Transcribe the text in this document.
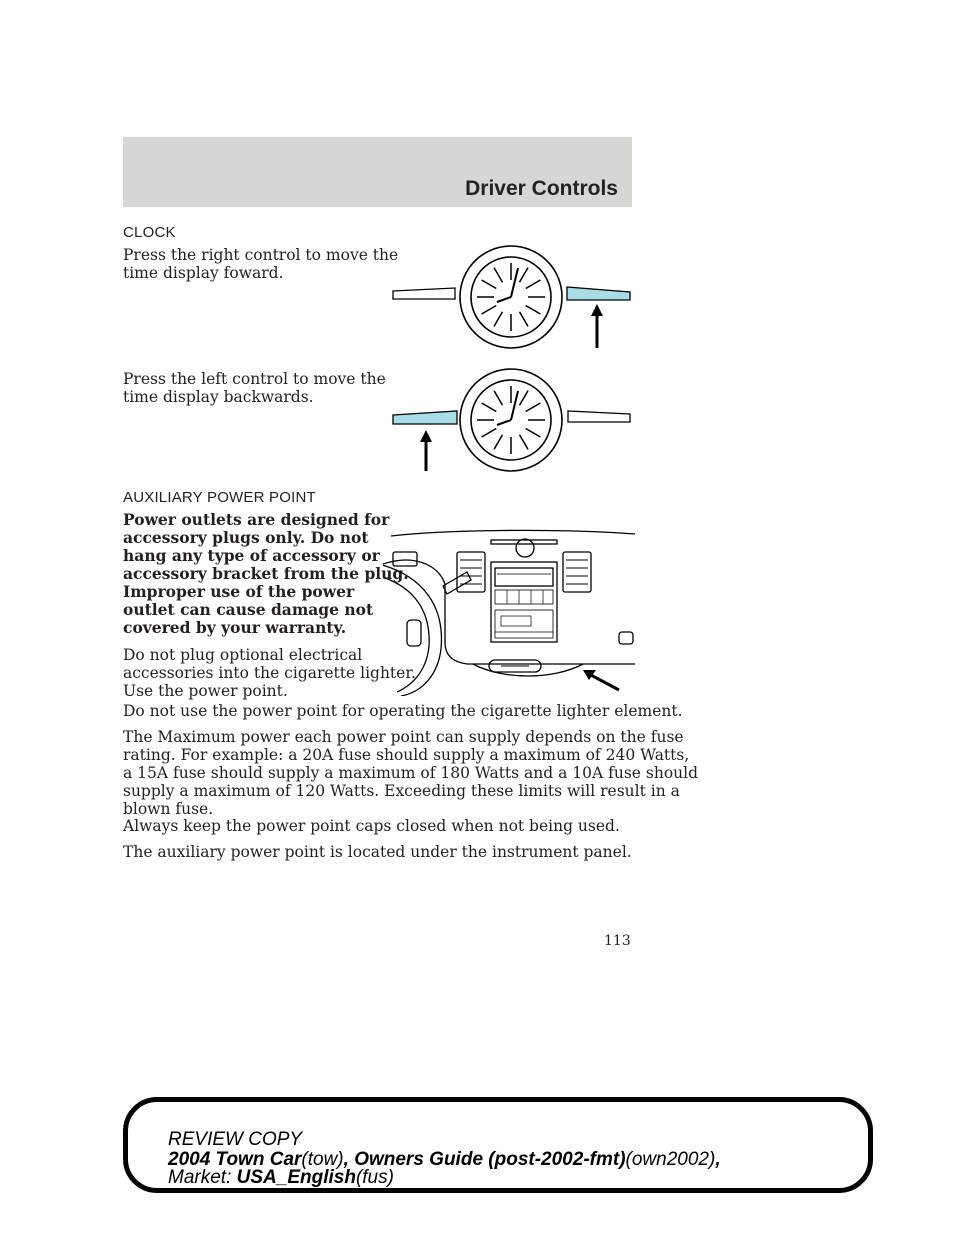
Driver Controls
CLOCK

Press the right control to move the
time display foward.

Press the left control to move the
time display backwards.

AUXILIARY POWER POINT

Power outlets are designed for
accessory plugs only. Do not
hang any type of accessory or
accessory bracket from the plug.
Improper use of the power
outlet can cause damage not
covered by your warranty.

Do not plug optional electrical
accessories into the cigarette lighter.
Use the power point.

Do not use the power point for operating the cigarette lighter element.

The Maximum power each power point can supply depends on the fuse
rating. For example: a 20A fuse should supply a maximum of 240 Watts,
a 15A fuse should supply a maximum of 180 Watts and a 10A fuse should
supply a maximum of 120 Watts. Exceeding these limits will result in a
blown fuse.

Always keep the power point caps closed when not being used.

The auxiliary power point is located under the instrument panel.

113
REVIEW COPY
2004 Town Car(tow), Owners Guide (post-2002-fmt)(own2002),
Market: USA_English(fus)
